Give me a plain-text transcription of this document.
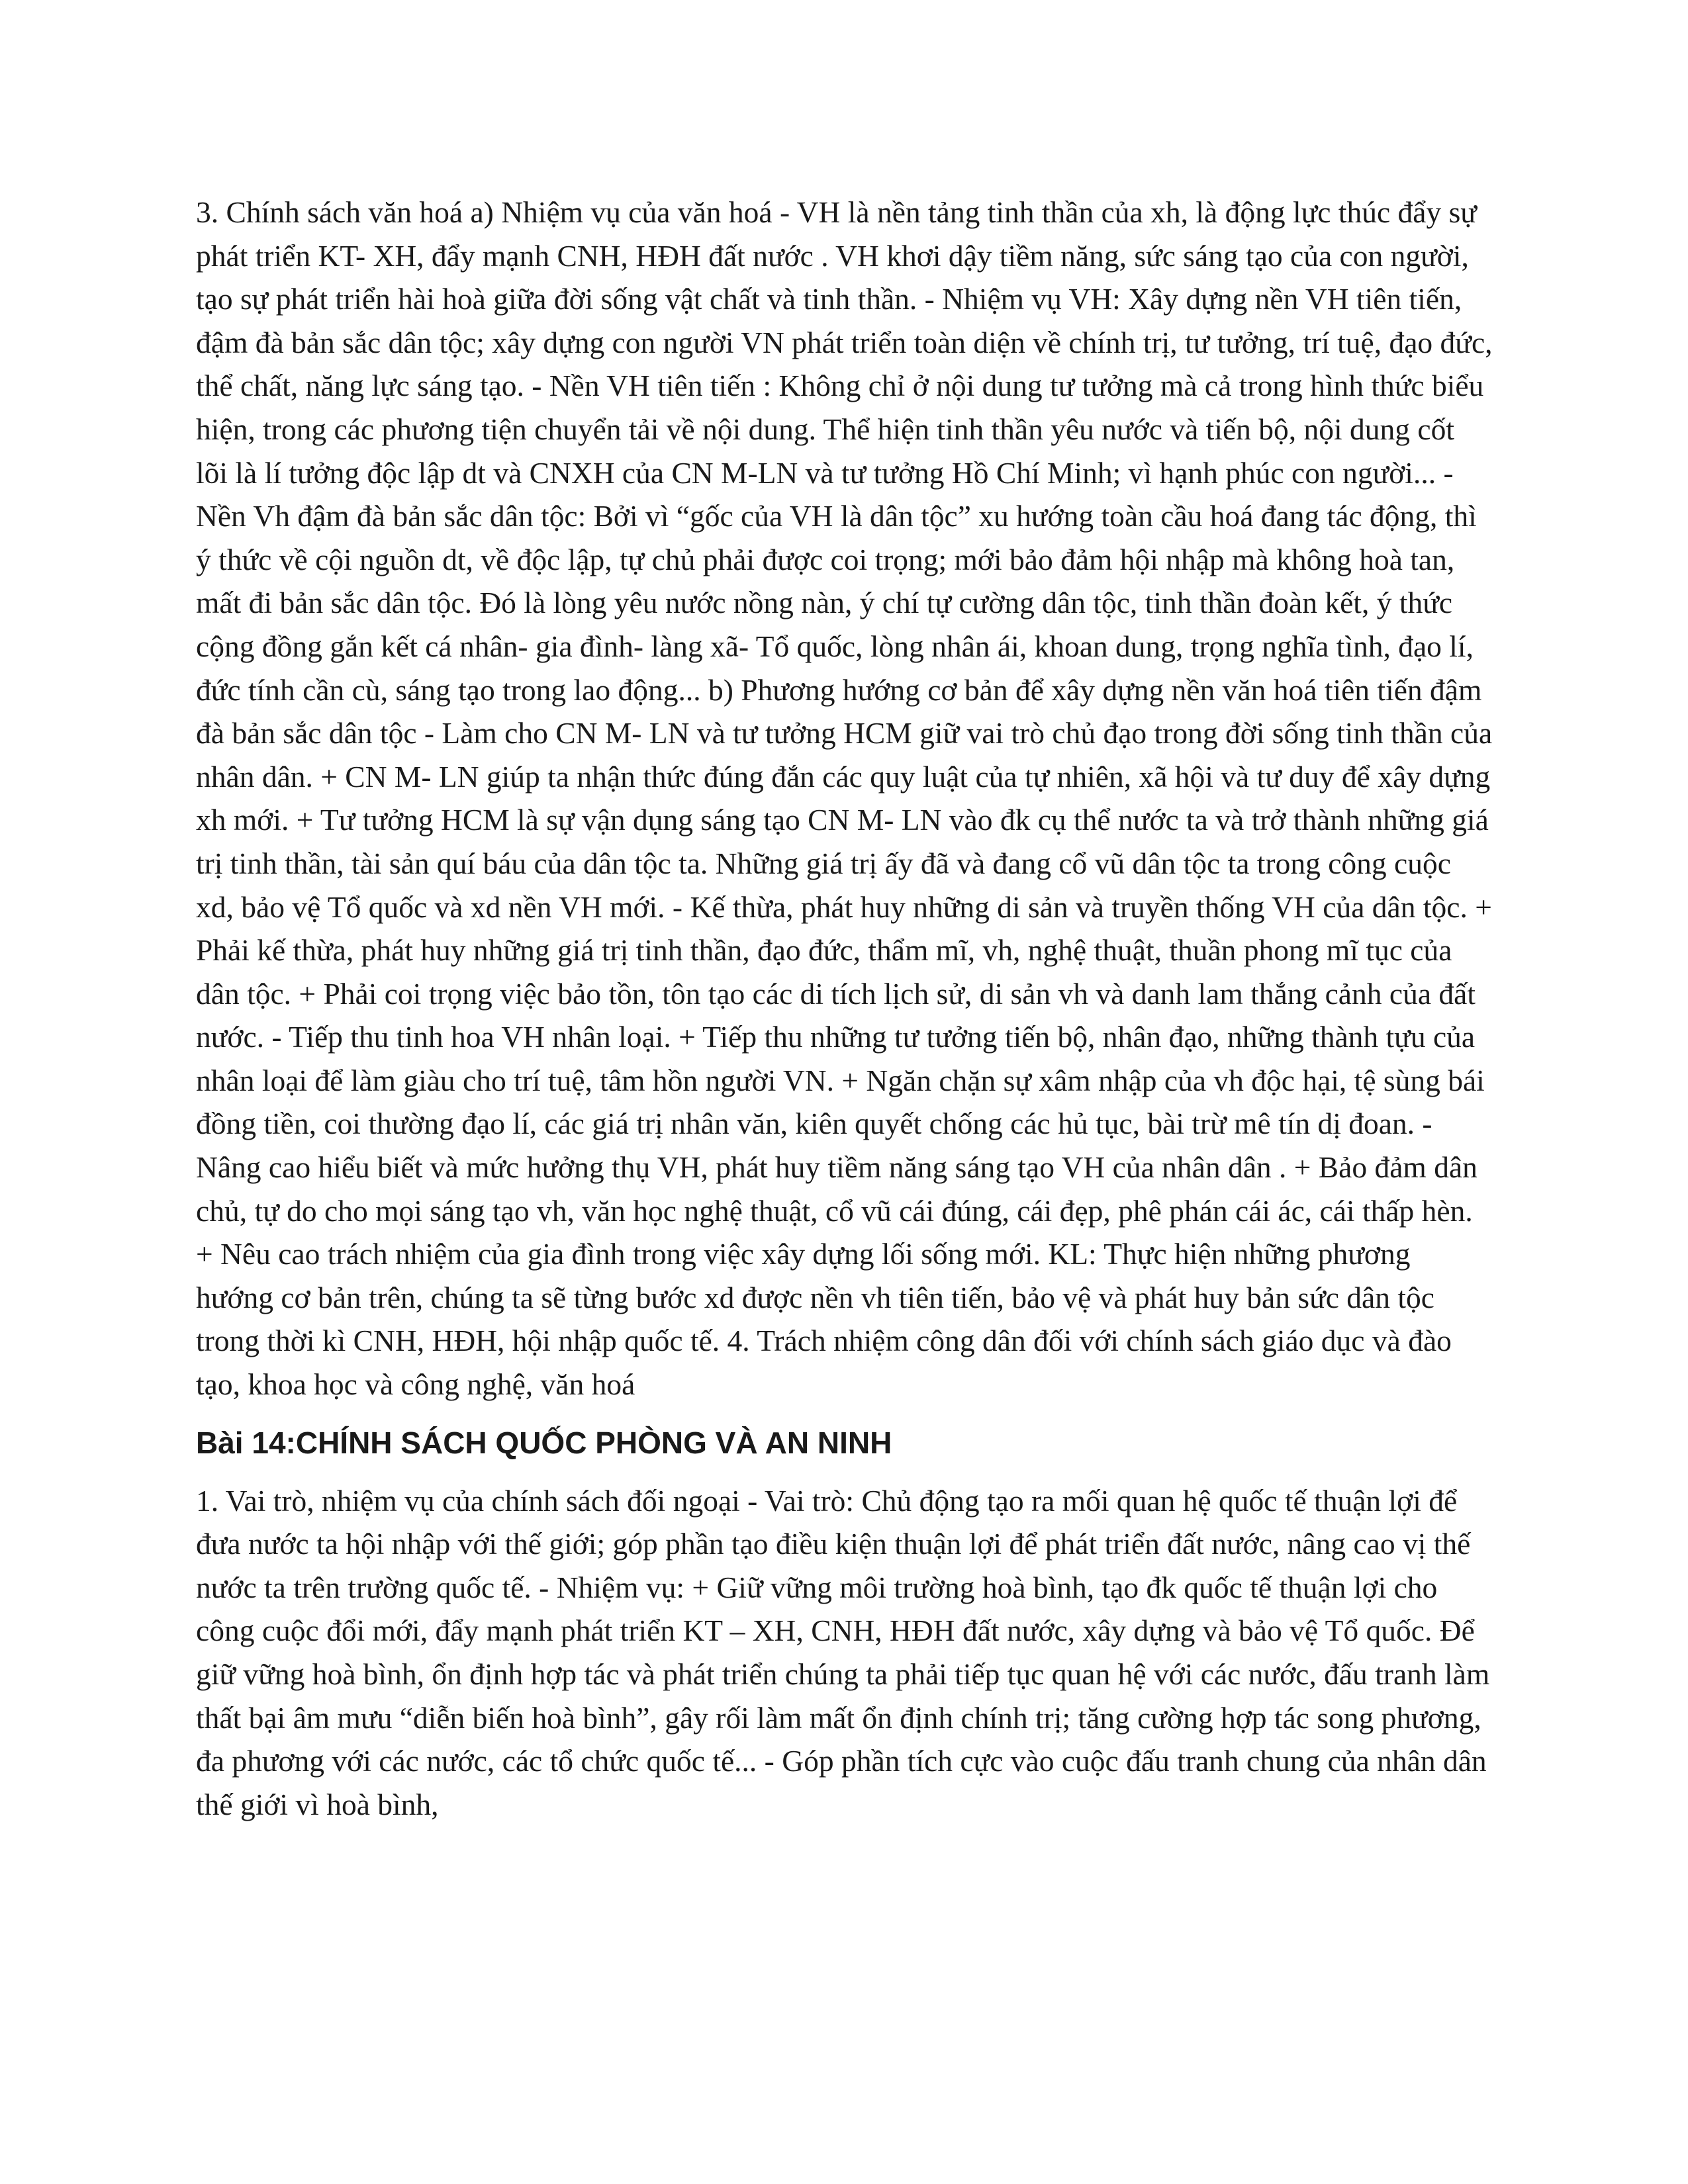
3. Chính sách văn hoá a) Nhiệm vụ của văn hoá - VH là nền tảng tinh thần của xh, là động lực thúc đẩy sự phát triển KT- XH, đẩy mạnh CNH, HĐH đất nước . VH khơi dậy tiềm năng, sức sáng tạo của con người, tạo sự phát triển hài hoà giữa đời sống vật chất và tinh thần. - Nhiệm vụ VH: Xây dựng nền VH tiên tiến, đậm đà bản sắc dân tộc; xây dựng con người VN phát triển toàn diện về chính trị, tư tưởng, trí tuệ, đạo đức, thể chất, năng lực sáng tạo. - Nền VH tiên tiến : Không chỉ ở nội dung tư tưởng mà cả trong hình thức biểu hiện, trong các phương tiện chuyển tải về nội dung. Thể hiện tinh thần yêu nước và tiến bộ, nội dung cốt lõi là lí tưởng độc lập dt và CNXH của CN M-LN và tư tưởng Hồ Chí Minh; vì hạnh phúc con người... - Nền Vh đậm đà bản sắc dân tộc: Bởi vì “gốc của VH là dân tộc” xu hướng toàn cầu hoá đang tác động, thì ý thức về cội nguồn dt, về độc lập, tự chủ phải được coi trọng; mới bảo đảm hội nhập mà không hoà tan, mất đi bản sắc dân tộc. Đó là lòng yêu nước nồng nàn, ý chí tự cường dân tộc, tinh thần đoàn kết, ý thức cộng đồng gắn kết cá nhân- gia đình- làng xã- Tổ quốc, lòng nhân ái, khoan dung, trọng nghĩa tình, đạo lí, đức tính cần cù, sáng tạo trong lao động... b) Phương hướng cơ bản để xây dựng nền văn hoá tiên tiến đậm đà bản sắc dân tộc - Làm cho CN M- LN và tư tưởng HCM giữ vai trò chủ đạo trong đời sống tinh thần của nhân dân. + CN M- LN giúp ta nhận thức đúng đắn các quy luật của tự nhiên, xã hội và tư duy để xây dựng xh mới. + Tư tưởng HCM là sự vận dụng sáng tạo CN M- LN vào đk cụ thể nước ta và trở thành những giá trị tinh thần, tài sản quí báu của dân tộc ta. Những giá trị ấy đã và đang cổ vũ dân tộc ta trong công cuộc xd, bảo vệ Tổ quốc và xd nền VH mới. - Kế thừa, phát huy những di sản và truyền thống VH của dân tộc. + Phải kế thừa, phát huy những giá trị tinh thần, đạo đức, thẩm mĩ, vh, nghệ thuật, thuần phong mĩ tục của dân tộc. + Phải coi trọng việc bảo tồn, tôn tạo các di tích lịch sử, di sản vh và danh lam thắng cảnh của đất nước. - Tiếp thu tinh hoa VH nhân loại. + Tiếp thu những tư tưởng tiến bộ, nhân đạo, những thành tựu của nhân loại để làm giàu cho trí tuệ, tâm hồn người VN. + Ngăn chặn sự xâm nhập của vh độc hại, tệ sùng bái đồng tiền, coi thường đạo lí, các giá trị nhân văn, kiên quyết chống các hủ tục, bài trừ mê tín dị đoan. - Nâng cao hiểu biết và mức hưởng thụ VH, phát huy tiềm năng sáng tạo VH của nhân dân . + Bảo đảm dân chủ, tự do cho mọi sáng tạo vh, văn học nghệ thuật, cổ vũ cái đúng, cái đẹp, phê phán cái ác, cái thấp hèn. + Nêu cao trách nhiệm của gia đình trong việc xây dựng lối sống mới. KL: Thực hiện những phương hướng cơ bản trên, chúng ta sẽ từng bước xd được nền vh tiên tiến, bảo vệ và phát huy bản sức dân tộc trong thời kì CNH, HĐH, hội nhập quốc tế. 4. Trách nhiệm công dân đối với chính sách giáo dục và đào tạo, khoa học và công nghệ, văn hoá

Bài 14:CHÍNH SÁCH QUỐC PHÒNG VÀ AN NINH

1. Vai trò, nhiệm vụ của chính sách đối ngoại - Vai trò: Chủ động tạo ra mối quan hệ quốc tế thuận lợi để đưa nước ta hội nhập với thế giới; góp phần tạo điều kiện thuận lợi để phát triển đất nước, nâng cao vị thế nước ta trên trường quốc tế. - Nhiệm vụ: + Giữ vững môi trường hoà bình, tạo đk quốc tế thuận lợi cho công cuộc đổi mới, đẩy mạnh phát triển KT – XH, CNH, HĐH đất nước, xây dựng và bảo vệ Tổ quốc. Để giữ vững hoà bình, ổn định hợp tác và phát triển chúng ta phải tiếp tục quan hệ với các nước, đấu tranh làm thất bại âm mưu “diễn biến hoà bình”, gây rối làm mất ổn định chính trị; tăng cường hợp tác song phương, đa phương với các nước, các tổ chức quốc tế... - Góp phần tích cực vào cuộc đấu tranh chung của nhân dân thế giới vì hoà bình,
